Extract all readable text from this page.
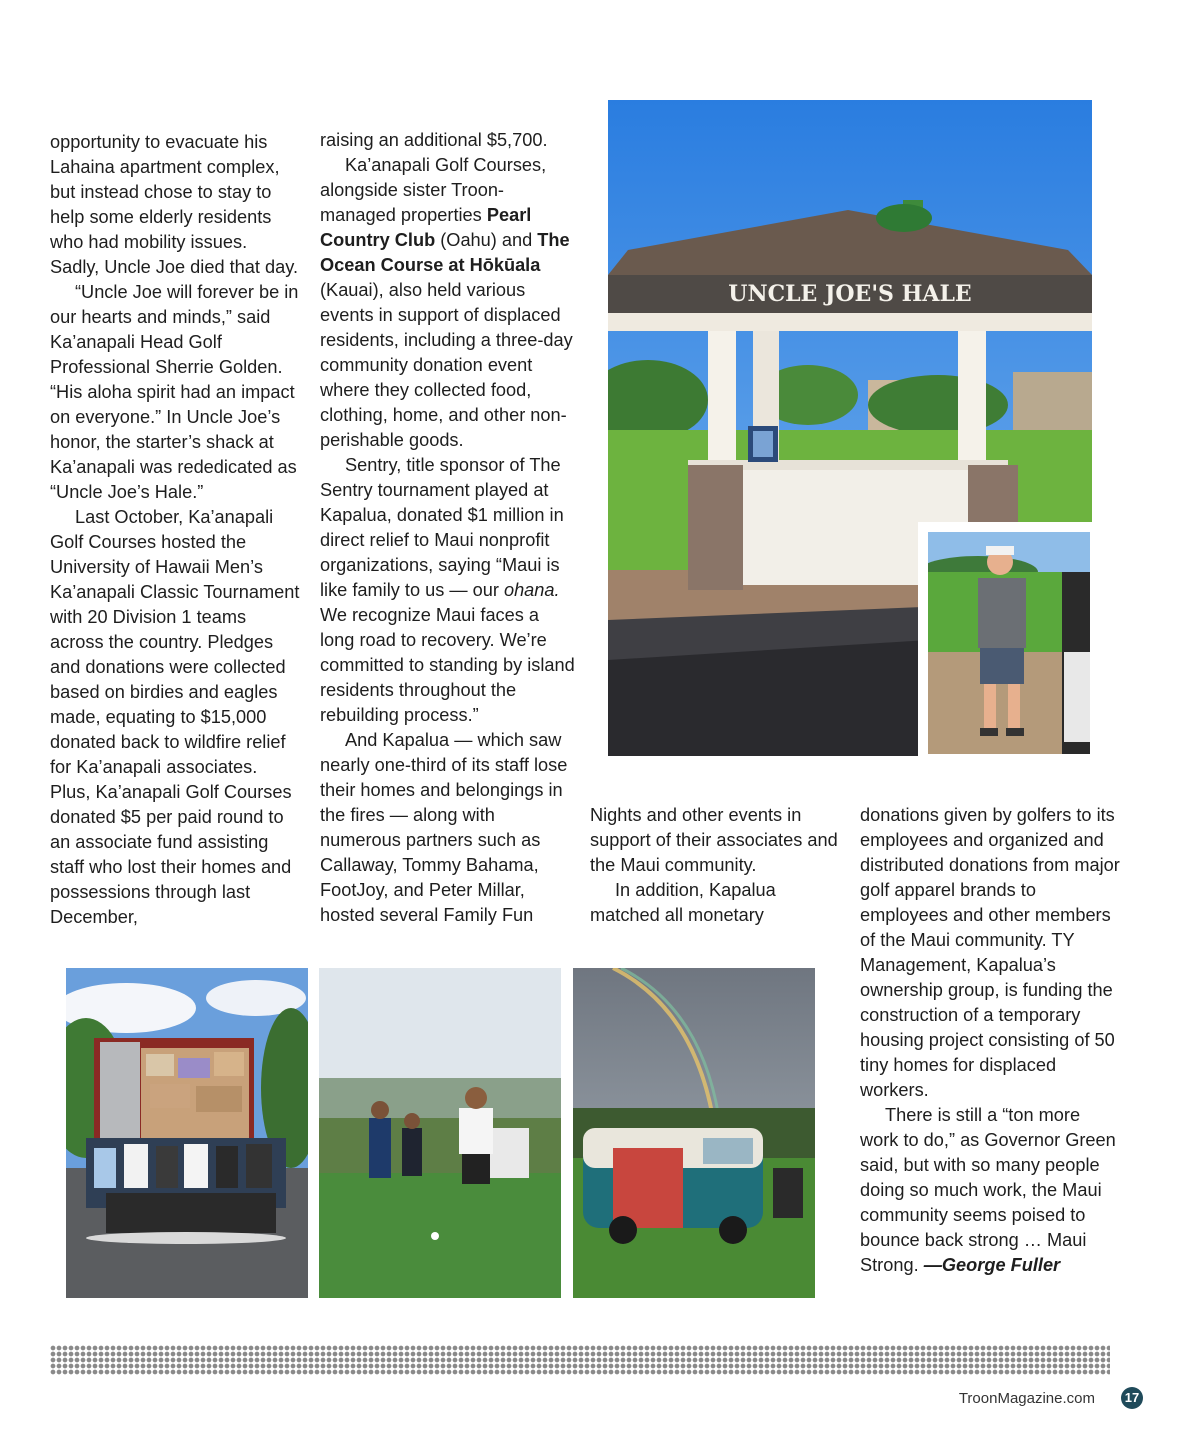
opportunity to evacuate his Lahaina apartment complex, but instead chose to stay to help some elderly residents who had mobility issues. Sadly, Uncle Joe died that day.

“Uncle Joe will forever be in our hearts and minds,” said Ka’anapali Head Golf Professional Sherrie Golden. “His aloha spirit had an impact on everyone.” In Uncle Joe’s honor, the starter’s shack at Ka’anapali was rededicated as “Uncle Joe’s Hale.”

Last October, Ka’anapali Golf Courses hosted the University of Hawaii Men’s Ka’anapali Classic Tournament with 20 Division 1 teams across the country. Pledges and donations were collected based on birdies and eagles made, equating to $15,000 donated back to wildfire relief for Ka’anapali associates. Plus, Ka’anapali Golf Courses donated $5 per paid round to an associate fund assisting staff who lost their homes and possessions through last December,

raising an additional $5,700.

Ka’anapali Golf Courses, alongside sister Troon-managed properties Pearl Country Club (Oahu) and The Ocean Course at Hōkūala (Kauai), also held various events in support of displaced residents, including a three-day community donation event where they collected food, clothing, home, and other non-perishable goods.

Sentry, title sponsor of The Sentry tournament played at Kapalua, donated $1 million in direct relief to Maui nonprofit organizations, saying “Maui is like family to us — our ohana. We recognize Maui faces a long road to recovery. We’re committed to standing by island residents throughout the rebuilding process.”

And Kapalua — which saw nearly one-third of its staff lose their homes and belongings in the fires — along with numerous partners such as Callaway, Tommy Bahama, FootJoy, and Peter Millar, hosted several Family Fun

Nights and other events in support of their associates and the Maui community.

In addition, Kapalua matched all monetary

donations given by golfers to its employees and organized and distributed donations from major golf apparel brands to employees and other members of the Maui community. TY Management, Kapalua’s ownership group, is funding the construction of a temporary housing project consisting of 50 tiny homes for displaced workers.

There is still a “ton more work to do,” as Governor Green said, but with so many people doing so much work, the Maui community seems poised to bounce back strong … Maui Strong. —George Fuller

UNCLE JOE'S HALE
TroonMagazine.com 17
